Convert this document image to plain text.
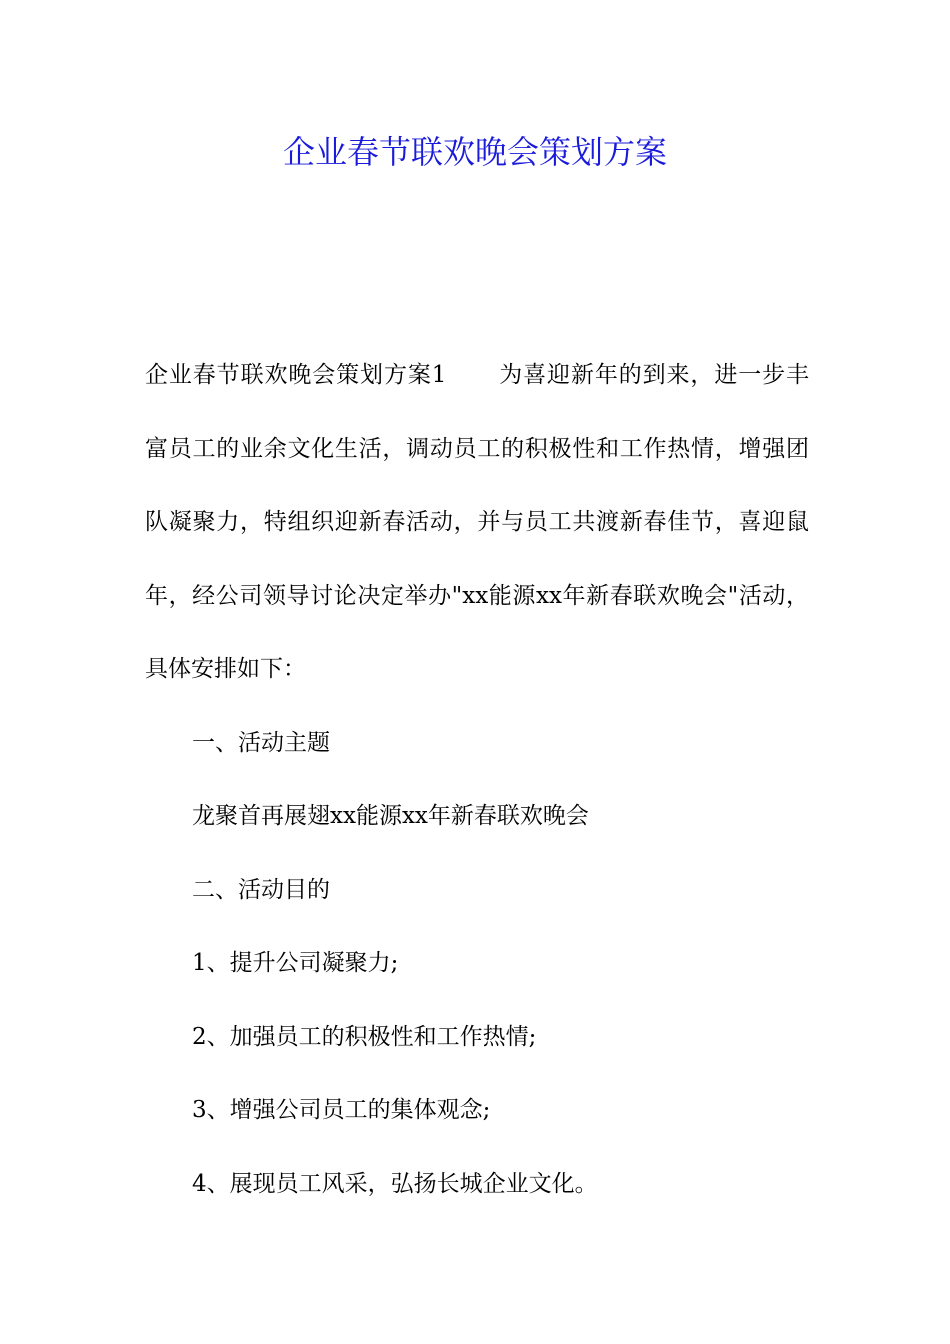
企业春节联欢晚会策划方案

企业春节联欢晚会策划方案1 为喜迎新年的到来，进一步丰富员工的业余文化生活，调动员工的积极性和工作热情，增强团队凝聚力，特组织迎新春活动，并与员工共渡新春佳节，喜迎鼠年，经公司领导讨论决定举办"xx能源xx年新春联欢晚会"活动，具体安排如下：

一、活动主题

龙聚首再展翅xx能源xx年新春联欢晚会

二、活动目的

1、提升公司凝聚力;

2、加强员工的积极性和工作热情;

3、增强公司员工的集体观念;

4、展现员工风采，弘扬长城企业文化。
